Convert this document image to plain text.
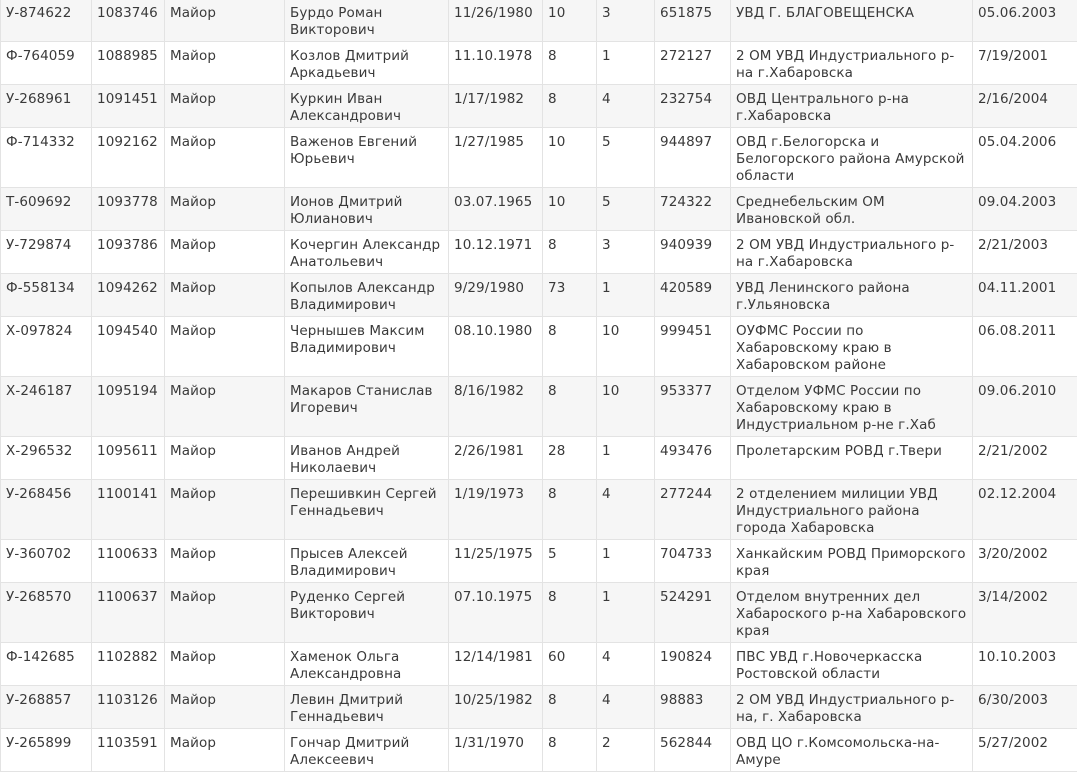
У-874622	1083746	Майор	Бурдо Роман Викторович	11/26/1980	10	3	651875	УВД Г. БЛАГОВЕЩЕНСКА	05.06.2003
Ф-764059	1088985	Майор	Козлов Дмитрий Аркадьевич	11.10.1978	8	1	272127	2 ОМ УВД Индустриального р-на г.Хабаровска	7/19/2001
У-268961	1091451	Майор	Куркин Иван Александрович	1/17/1982	8	4	232754	ОВД Центрального р-на г.Хабаровска	2/16/2004
Ф-714332	1092162	Майор	Важенов Евгений Юрьевич	1/27/1985	10	5	944897	ОВД г.Белогорска и Белогорского района Амурской области	05.04.2006
Т-609692	1093778	Майор	Ионов Дмитрий Юлианович	03.07.1965	10	5	724322	Среднебельским ОМ Ивановской обл.	09.04.2003
У-729874	1093786	Майор	Кочергин Александр Анатольевич	10.12.1971	8	3	940939	2 ОМ УВД Индустриального р-на г.Хабаровска	2/21/2003
Ф-558134	1094262	Майор	Копылов Александр Владимирович	9/29/1980	73	1	420589	УВД Ленинского района г.Ульяновска	04.11.2001
Х-097824	1094540	Майор	Чернышев Максим Владимирович	08.10.1980	8	10	999451	ОУФМС России по Хабаровскому краю в Хабаровском районе	06.08.2011
Х-246187	1095194	Майор	Макаров Станислав Игоревич	8/16/1982	8	10	953377	Отделом УФМС России по Хабаровскому краю в Индустриальном р-не г.Хаб	09.06.2010
Х-296532	1095611	Майор	Иванов Андрей Николаевич	2/26/1981	28	1	493476	Пролетарским РОВД г.Твери	2/21/2002
У-268456	1100141	Майор	Перешивкин Сергей Геннадьевич	1/19/1973	8	4	277244	2 отделением милиции УВД Индустриального района города Хабаровска	02.12.2004
У-360702	1100633	Майор	Прысев Алексей Владимирович	11/25/1975	5	1	704733	Ханкайским РОВД Приморского края	3/20/2002
У-268570	1100637	Майор	Руденко Сергей Викторович	07.10.1975	8	1	524291	Отделом внутренних дел Хабароского р-на Хабаровского края	3/14/2002
Ф-142685	1102882	Майор	Хаменок Ольга Александровна	12/14/1981	60	4	190824	ПВС УВД г.Новочеркасска Ростовской области	10.10.2003
У-268857	1103126	Майор	Левин Дмитрий Геннадьевич	10/25/1982	8	4	98883	2 ОМ УВД Индустриального р-на, г. Хабаровска	6/30/2003
У-265899	1103591	Майор	Гончар Дмитрий Алексеевич	1/31/1970	8	2	562844	ОВД ЦО г.Комсомольска-на-Амуре	5/27/2002
